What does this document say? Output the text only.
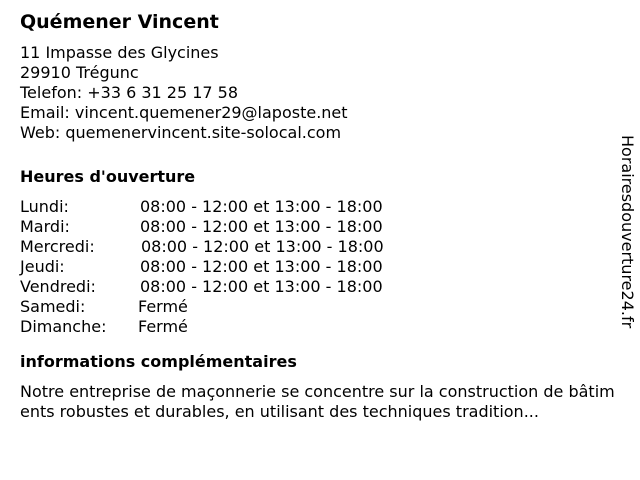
Quémener Vincent
11 Impasse des Glycines
29910 Trégunc
Telefon: +33 6 31 25 17 58
Email: vincent.quemener29@laposte.net
Web: quemenervincent.site-solocal.com
Heures d'ouverture
Lundi:	08:00 - 12:00 et 13:00 - 18:00
Mardi:	08:00 - 12:00 et 13:00 - 18:00
Mercredi:	08:00 - 12:00 et 13:00 - 18:00
Jeudi:	08:00 - 12:00 et 13:00 - 18:00
Vendredi:	08:00 - 12:00 et 13:00 - 18:00
Samedi:	Fermé
Dimanche:	Fermé
informations complémentaires
Notre entreprise de maçonnerie se concentre sur la construction de bâtiments robustes et durables, en utilisant des techniques tradition...
Horairesdouverture24.fr
